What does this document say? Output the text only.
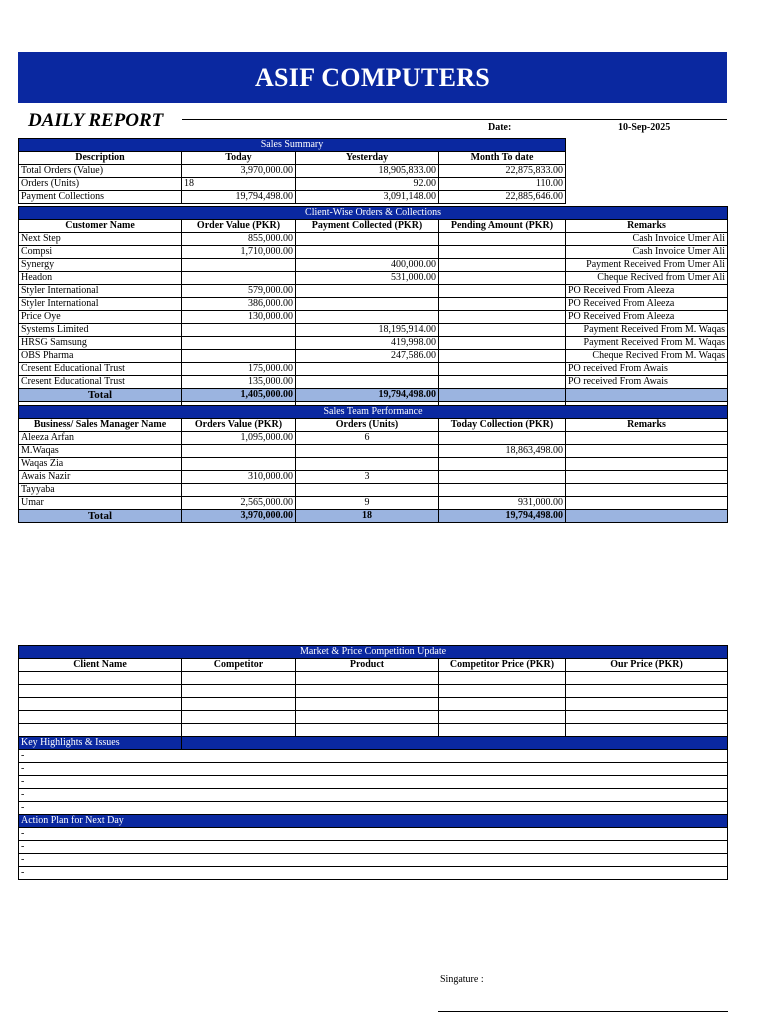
ASIF COMPUTERS
DAILY REPORT	Date:	10-Sep-2025
Sales Summary			
Description	Today	Yesterday	Month To date
Total Orders (Value)	3,970,000.00	18,905,833.00	22,875,833.00
Orders (Units)	18	92.00	110.00
Payment Collections	19,794,498.00	3,091,148.00	22,885,646.00
Client-Wise Orders & Collections				
Customer Name	Order Value (PKR)	Payment Collected (PKR)	Pending Amount (PKR)	Remarks
Next Step	855,000.00			Cash Invoice Umer Ali
Compsi	1,710,000.00			Cash Invoice Umer Ali
Synergy		400,000.00		Payment Received From Umer Ali
Headon		531,000.00		Cheque Recived from Umer Ali
Styler International	579,000.00			PO Received From Aleeza
Styler International	386,000.00			PO Received From Aleeza
Price Oye	130,000.00			PO Received From Aleeza
Systems Limited		18,195,914.00		Payment Received From M. Waqas
HRSG Samsung		419,998.00		Payment Received From M. Waqas
OBS Pharma		247,586.00		Cheque Recived From M. Waqas
Cresent Educational Trust	175,000.00			PO received From Awais
Cresent Educational Trust	135,000.00			PO received From Awais
Total	1,405,000.00	19,794,498.00		

Sales Team Performance				
Business/ Sales Manager Name	Orders Value (PKR)	Orders (Units)	Today Collection (PKR)	Remarks
Aleeza Arfan	1,095,000.00	6		
M.Waqas			18,863,498.00	
Waqas Zia				
Awais Nazir	310,000.00	3		
Tayyaba				
Umar	2,565,000.00	9	931,000.00	
Total	3,970,000.00	18	19,794,498.00	
Market & Price Competition Update				
Client Name	Competitor	Product	Competitor Price (PKR)	Our Price (PKR)

Key Highlights & Issues				
-				
-				
-				
-				
-				
Action Plan for Next Day				
-				
-				
-				
-				
Singature :
